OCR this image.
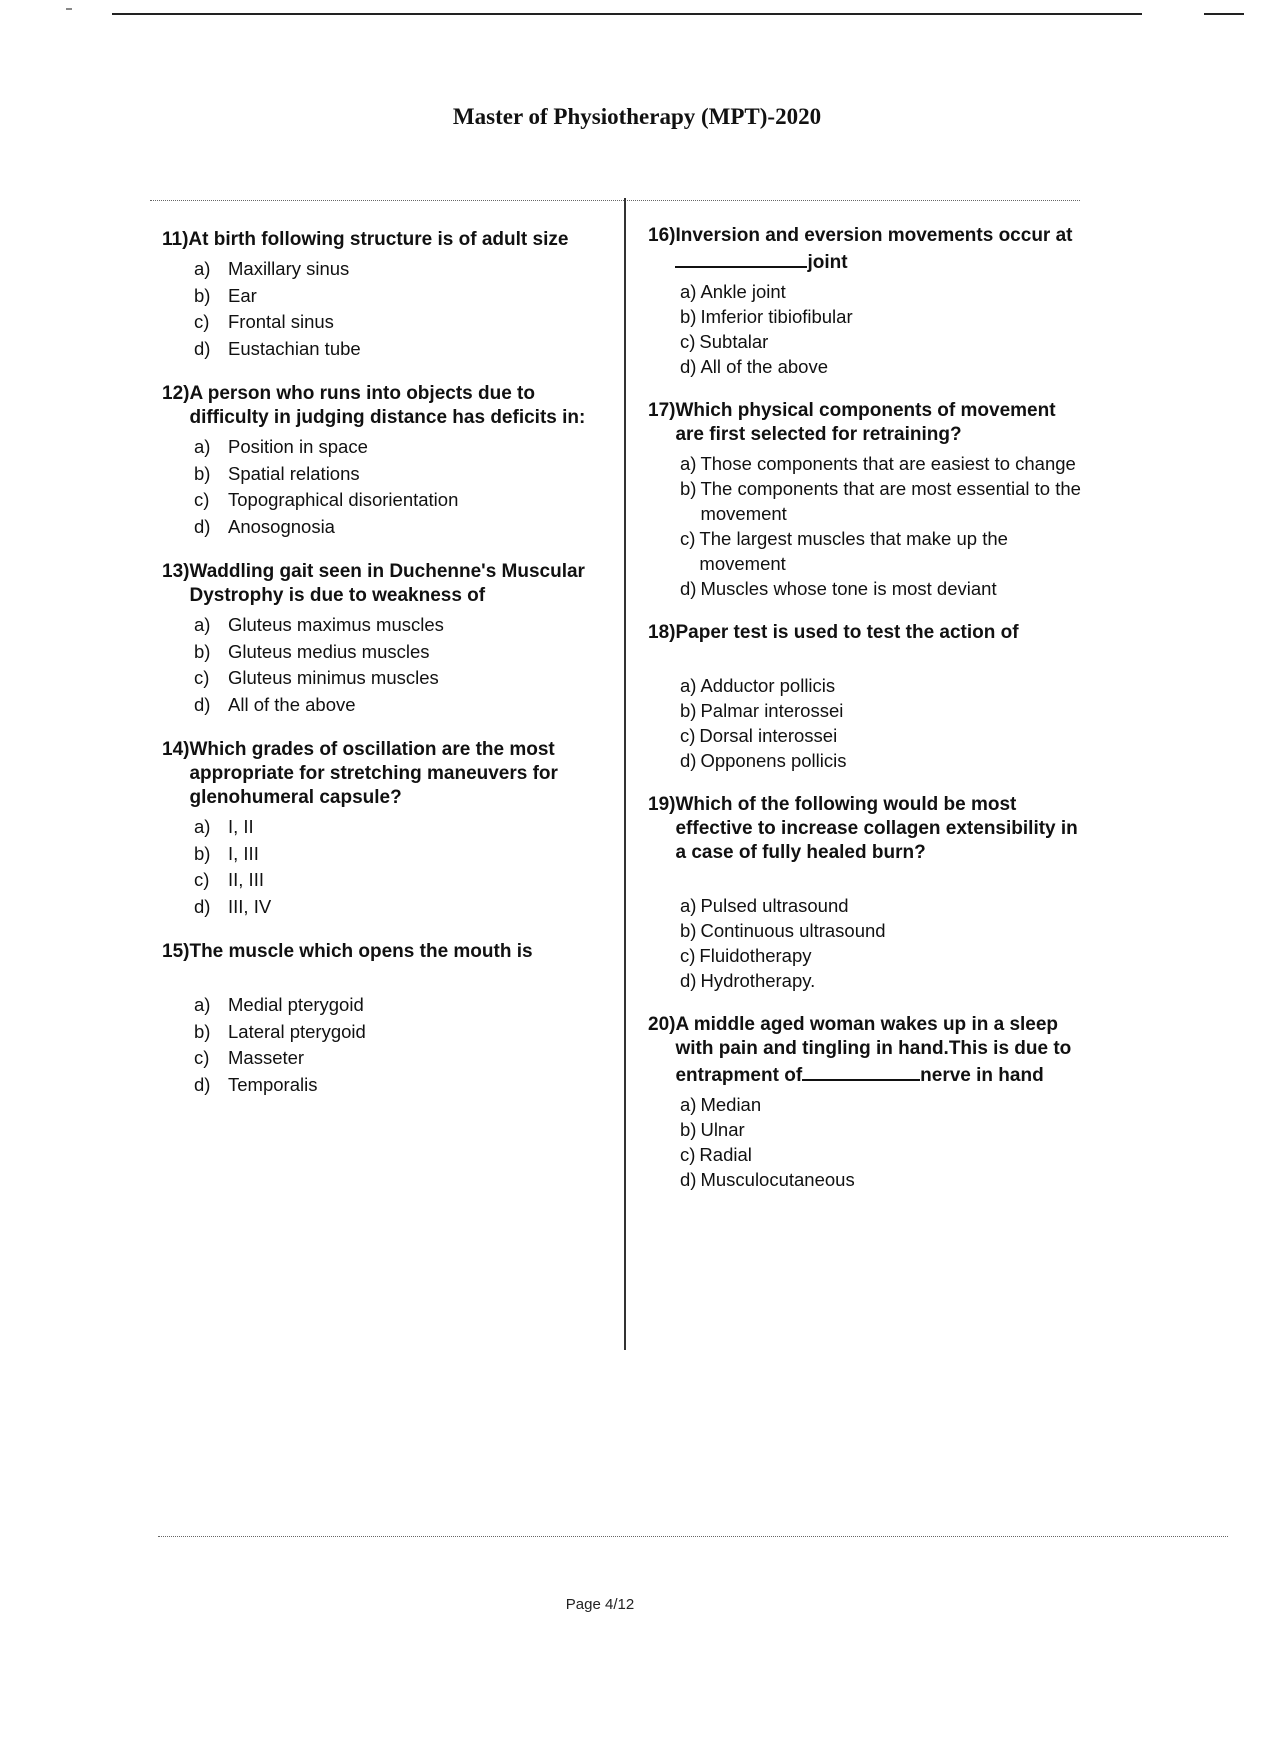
Master of Physiotherapy (MPT)-2020
11) At birth following structure is of adult size
a) Maxillary sinus
b) Ear
c)	Frontal sinus
d) Eustachian tube
12) A person who runs into objects due to difficulty in judging distance has deficits in:
a) Position in space
b) Spatial relations
c)	Topographical disorientation
d) Anosognosia
13) Waddling gait seen in Duchenne's Muscular Dystrophy is due to weakness of
a) Gluteus maximus muscles
b) Gluteus medius muscles
c)	Gluteus minimus muscles
d) All of the above
14) Which grades of oscillation are the most appropriate for stretching maneuvers for glenohumeral capsule?
a) I, II
b) I, III
c)	II, III
d) III, IV
15) The muscle which opens the mouth is
a) Medial pterygoid
b) Lateral pterygoid
c)	Masseter
d) Temporalis
16) Inversion and eversion movements occur atjoint
a) Ankle joint
b) Imferior tibiofibular
c) Subtalar
d) All of the above
17) Which physical components of movement are first selected for retraining?
a) Those components that are easiest to change
b) The components that are most essential to the movement
c) The largest muscles that make up the movement
d) Muscles whose tone is most deviant
18) Paper test is used to test the action of
a) Adductor pollicis
b) Palmar interossei
c) Dorsal interossei
d) Opponens pollicis
19) Which of the following would be most effective to increase collagen extensibility in a case of fully healed burn?
a) Pulsed ultrasound
b) Continuous ultrasound
c) Fluidotherapy
d) Hydrotherapy.
20) A middle aged woman wakes up in a sleep with pain and tingling in hand.This is due to entrapment of	nerve in hand
a) Median
b) Ulnar
c) Radial
d) Musculocutaneous
Page 4/12
